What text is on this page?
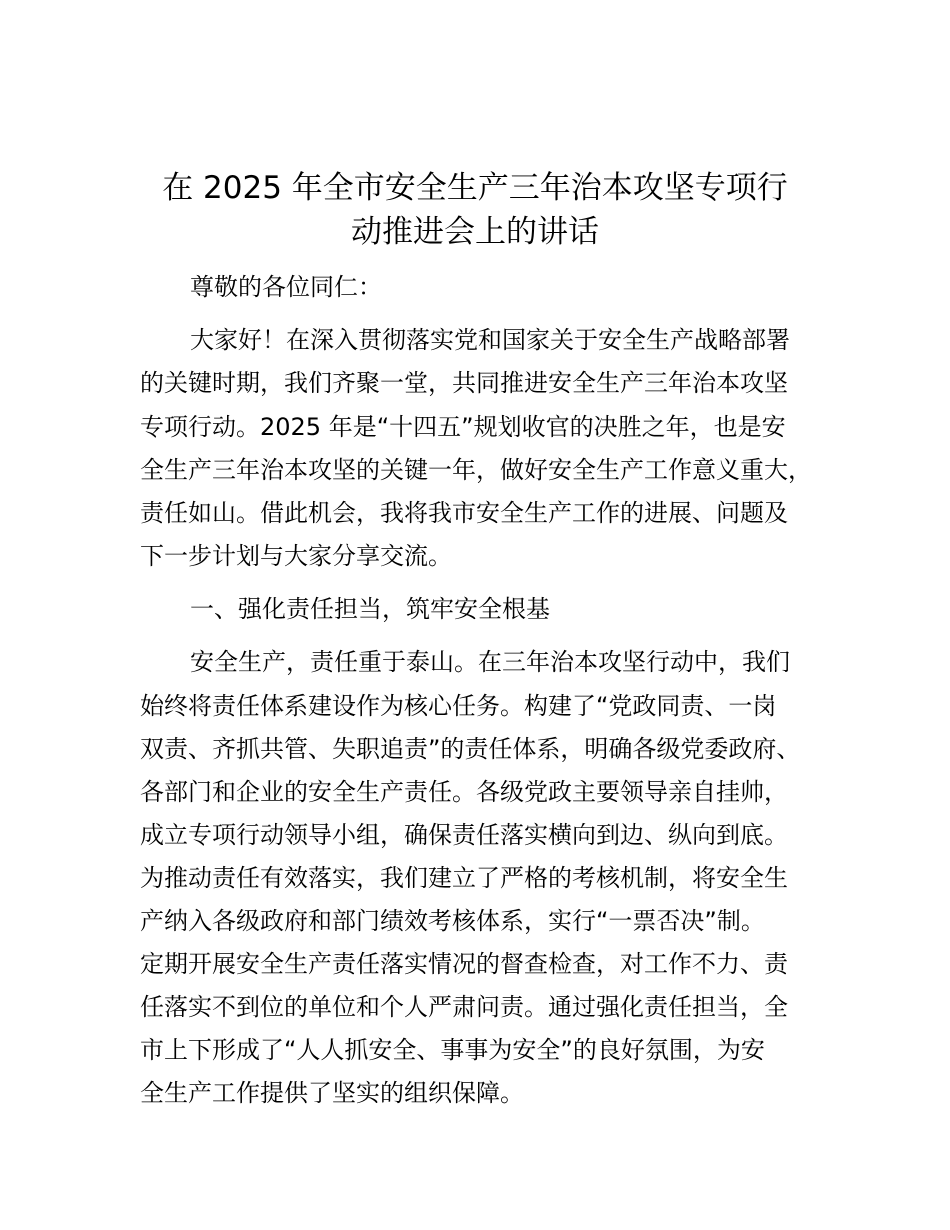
在 2025 年全市安全生产三年治本攻坚专项行
动推进会上的讲话

尊敬的各位同仁：

大家好！在深入贯彻落实党和国家关于安全生产战略部署

的关键时期，我们齐聚一堂，共同推进安全生产三年治本攻坚

专项行动。2025 年是“十四五”规划收官的决胜之年，也是安

全生产三年治本攻坚的关键一年，做好安全生产工作意义重大，

责任如山。借此机会，我将我市安全生产工作的进展、问题及

下一步计划与大家分享交流。

一、强化责任担当，筑牢安全根基

安全生产，责任重于泰山。在三年治本攻坚行动中，我们

始终将责任体系建设作为核心任务。构建了“党政同责、一岗

双责、齐抓共管、失职追责”的责任体系，明确各级党委政府、

各部门和企业的安全生产责任。各级党政主要领导亲自挂帅，

成立专项行动领导小组，确保责任落实横向到边、纵向到底。

为推动责任有效落实，我们建立了严格的考核机制，将安全生

产纳入各级政府和部门绩效考核体系，实行“一票否决”制。

定期开展安全生产责任落实情况的督查检查，对工作不力、责

任落实不到位的单位和个人严肃问责。通过强化责任担当，全

市上下形成了“人人抓安全、事事为安全”的良好氛围，为安

全生产工作提供了坚实的组织保障。
